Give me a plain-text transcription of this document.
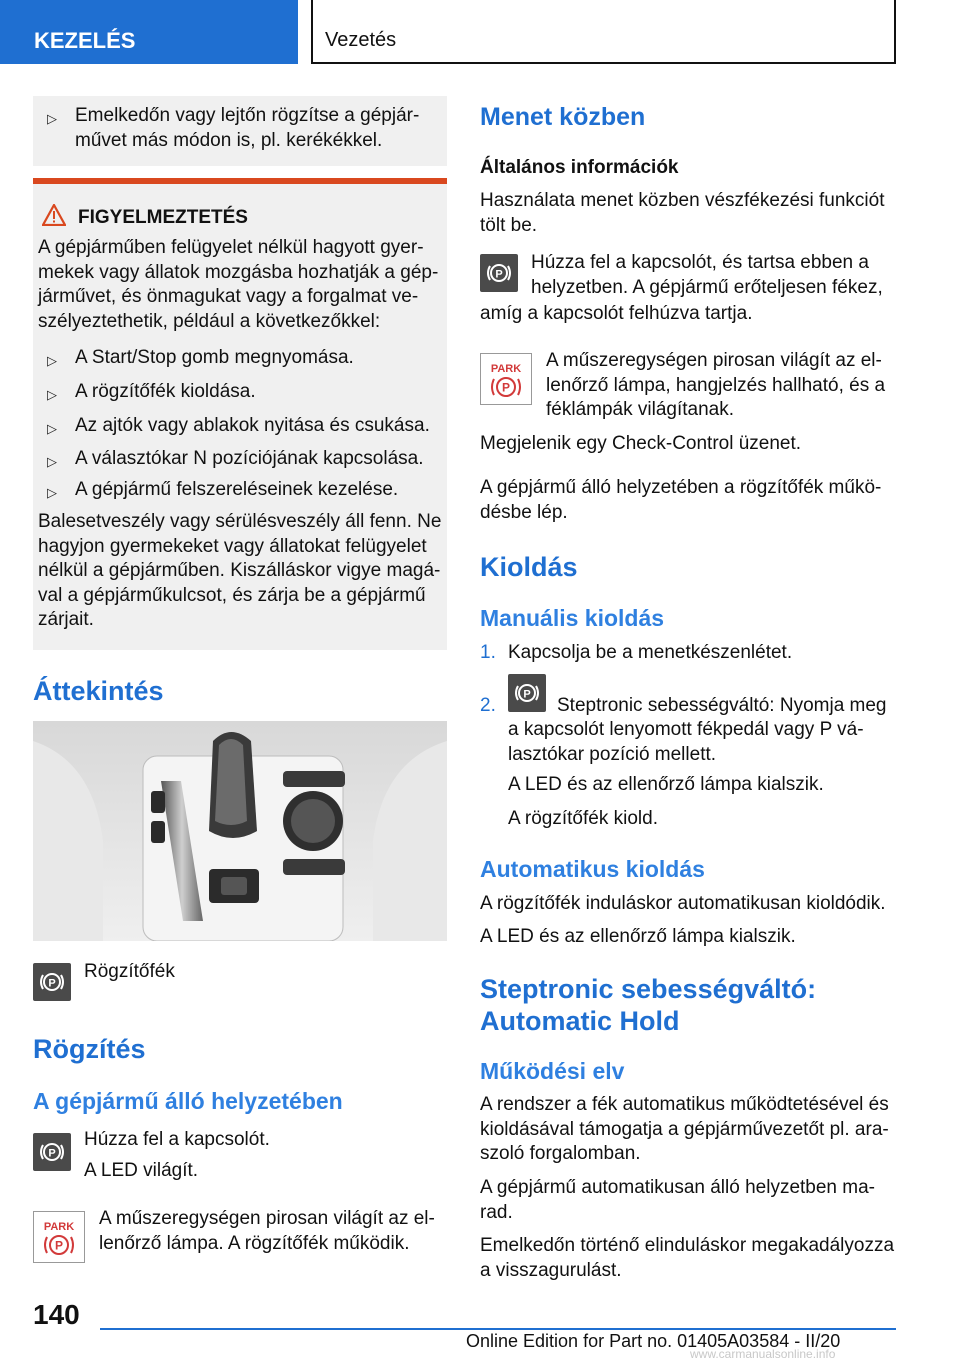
KEZELÉS	Vezetés
▷ Emelkedőn vagy lejtőn rögzítse a gépjár-
művet más módon is, pl. kerékékkel.
FIGYELMEZTETÉS
A gépjárműben felügyelet nélkül hagyott gyer-
mekek vagy állatok mozgásba hozhatják a gép-
járművet, és önmagukat vagy a forgalmat ve-
szélyeztethetik, például a következőkkel:
▷ A Start/Stop gomb megnyomása.
▷ A rögzítőfék kioldása.
▷ Az ajtók vagy ablakok nyitása és csukása.
▷ A választókar N pozíciójának kapcsolása.
▷ A gépjármű felszereléseinek kezelése.
Balesetveszély vagy sérülésveszély áll fenn. Ne
hagyjon gyermekeket vagy állatokat felügyelet
nélkül a gépjárműben. Kiszálláskor vigye magá-
val a gépjárműkulcsot, és zárja be a gépjármű
zárjait.
Áttekintés
P
Rögzítőfék
Rögzítés
A gépjármű álló helyzetében
P
Húzza fel a kapcsolót.
A LED világít.
PARK
P
A műszeregységen pirosan világít az el-
lenőrző lámpa. A rögzítőfék működik.
Menet közben
Általános információk
Használata menet közben vészfékezési funkciót
tölt be.
P
Húzza fel a kapcsolót, és tartsa ebben a
helyzetben. A gépjármű erőteljesen fékez,
amíg a kapcsolót felhúzva tartja.
PARK
P
A műszeregységen pirosan világít az el-
lenőrző lámpa, hangjelzés hallható, és a
féklámpák világítanak.
Megjelenik egy Check-Control üzenet.
A gépjármű álló helyzetében a rögzítőfék műkö-
désbe lép.
Kioldás
Manuális kioldás
1. Kapcsolja be a menetkészenlétet.
2.
P
Steptronic sebességváltó: Nyomja meg
a kapcsolót lenyomott fékpedál vagy P vá-
lasztókar pozíció mellett.
A LED és az ellenőrző lámpa kialszik.
A rögzítőfék kiold.
Automatikus kioldás
A rögzítőfék induláskor automatikusan kioldódik.
A LED és az ellenőrző lámpa kialszik.
Steptronic sebességváltó:
Automatic Hold
Működési elv
A rendszer a fék automatikus működtetésével és
kioldásával támogatja a gépjárművezetőt pl. ara-
szoló forgalomban.
A gépjármű automatikusan álló helyzetben ma-
rad.
Emelkedőn történő elinduláskor megakadályozza
a visszagurulást.
140
Online Edition for Part no. 01405A03584 - II/20
www.carmanualsonline.info
